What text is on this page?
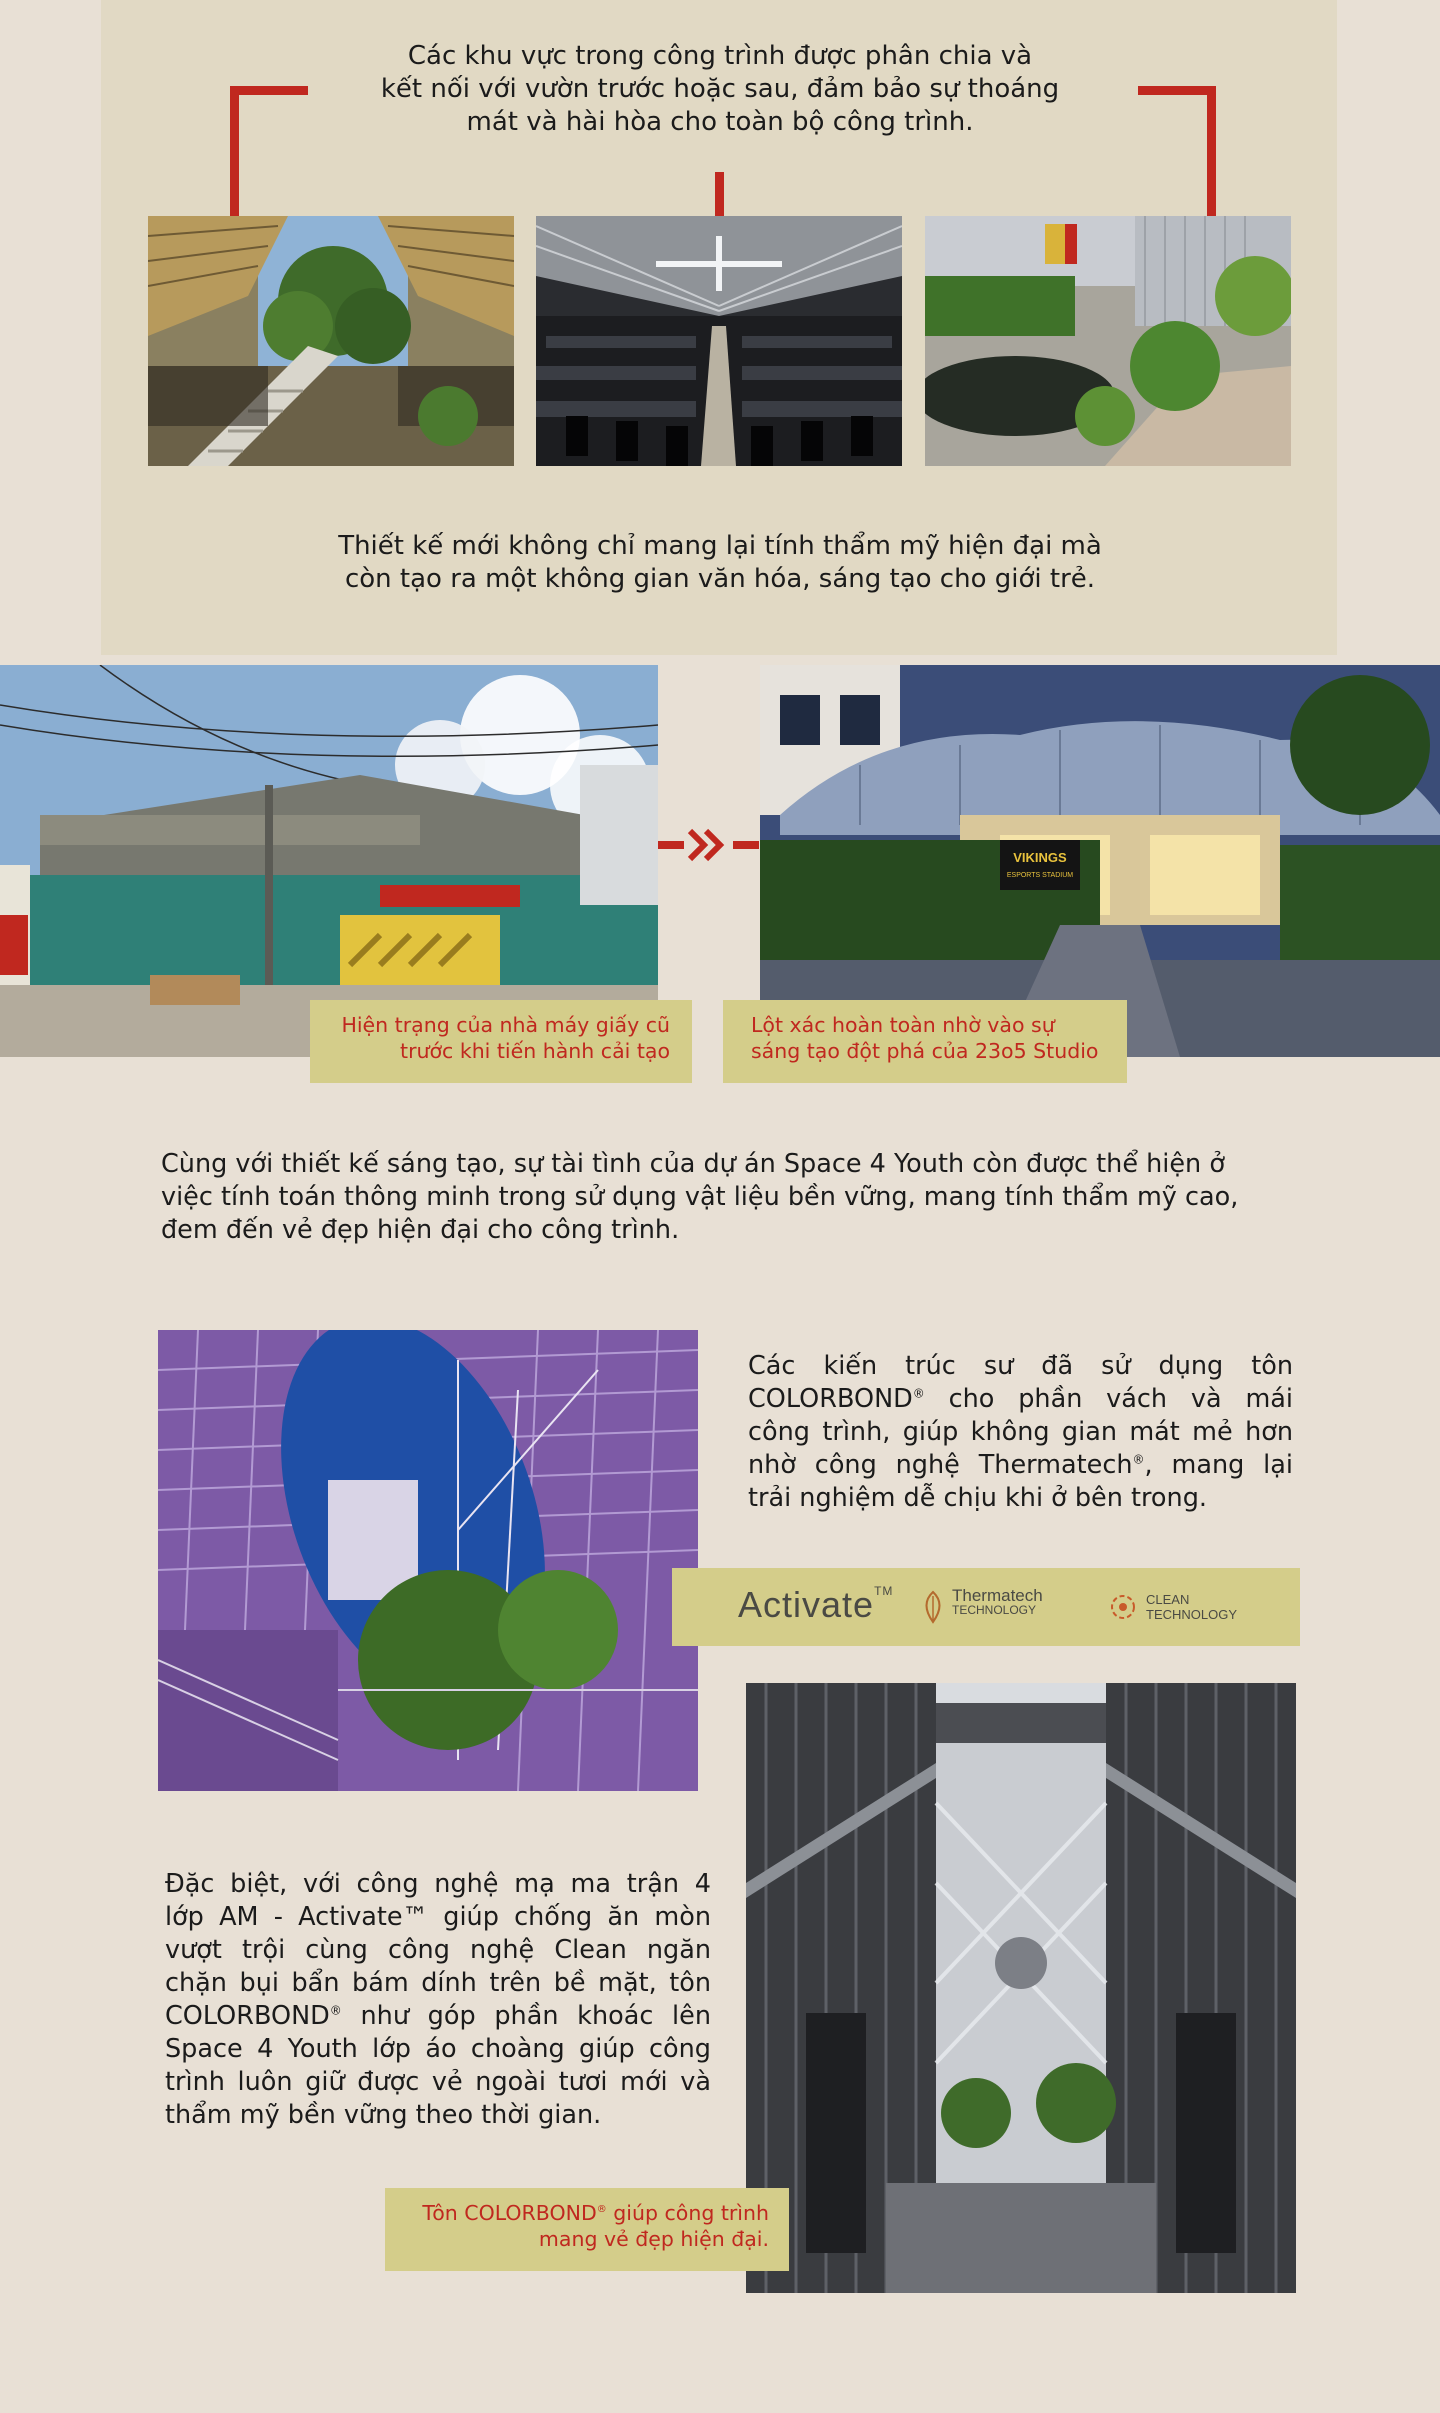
Các khu vực trong công trình được phân chia và
kết nối với vườn trước hoặc sau, đảm bảo sự thoáng
mát và hài hòa cho toàn bộ công trình.
Thiết kế mới không chỉ mang lại tính thẩm mỹ hiện đại mà
còn tạo ra một không gian văn hóa, sáng tạo cho giới trẻ.
VIKINGS
ESPORTS STADIUM
Hiện trạng của nhà máy giấy cũ
trước khi tiến hành cải tạo
Lột xác hoàn toàn nhờ vào sự
sáng tạo đột phá của 23o5 Studio
Cùng với thiết kế sáng tạo, sự tài tình của dự án Space 4 Youth còn được thể hiện ở
việc tính toán thông minh trong sử dụng vật liệu bền vững, mang tính thẩm mỹ cao,
đem đến vẻ đẹp hiện đại cho công trình.
Các kiến trúc sư đã sử dụng tôn
COLORBOND® cho phần vách và mái
công trình, giúp không gian mát mẻ hơn
nhờ công nghệ Thermatech®, mang lại
trải nghiệm dễ chịu khi ở bên trong.
Activate™	Thermatech
TECHNOLOGY
CLEAN
TECHNOLOGY
Đặc biệt, với công nghệ mạ ma trận 4
lớp AM - Activate™ giúp chống ăn mòn
vượt trội cùng công nghệ Clean ngăn
chặn bụi bẩn bám dính trên bề mặt, tôn
COLORBOND® như góp phần khoác lên
Space 4 Youth lớp áo choàng giúp công
trình luôn giữ được vẻ ngoài tươi mới và
thẩm mỹ bền vững theo thời gian.
Tôn COLORBOND® giúp công trình
mang vẻ đẹp hiện đại.
